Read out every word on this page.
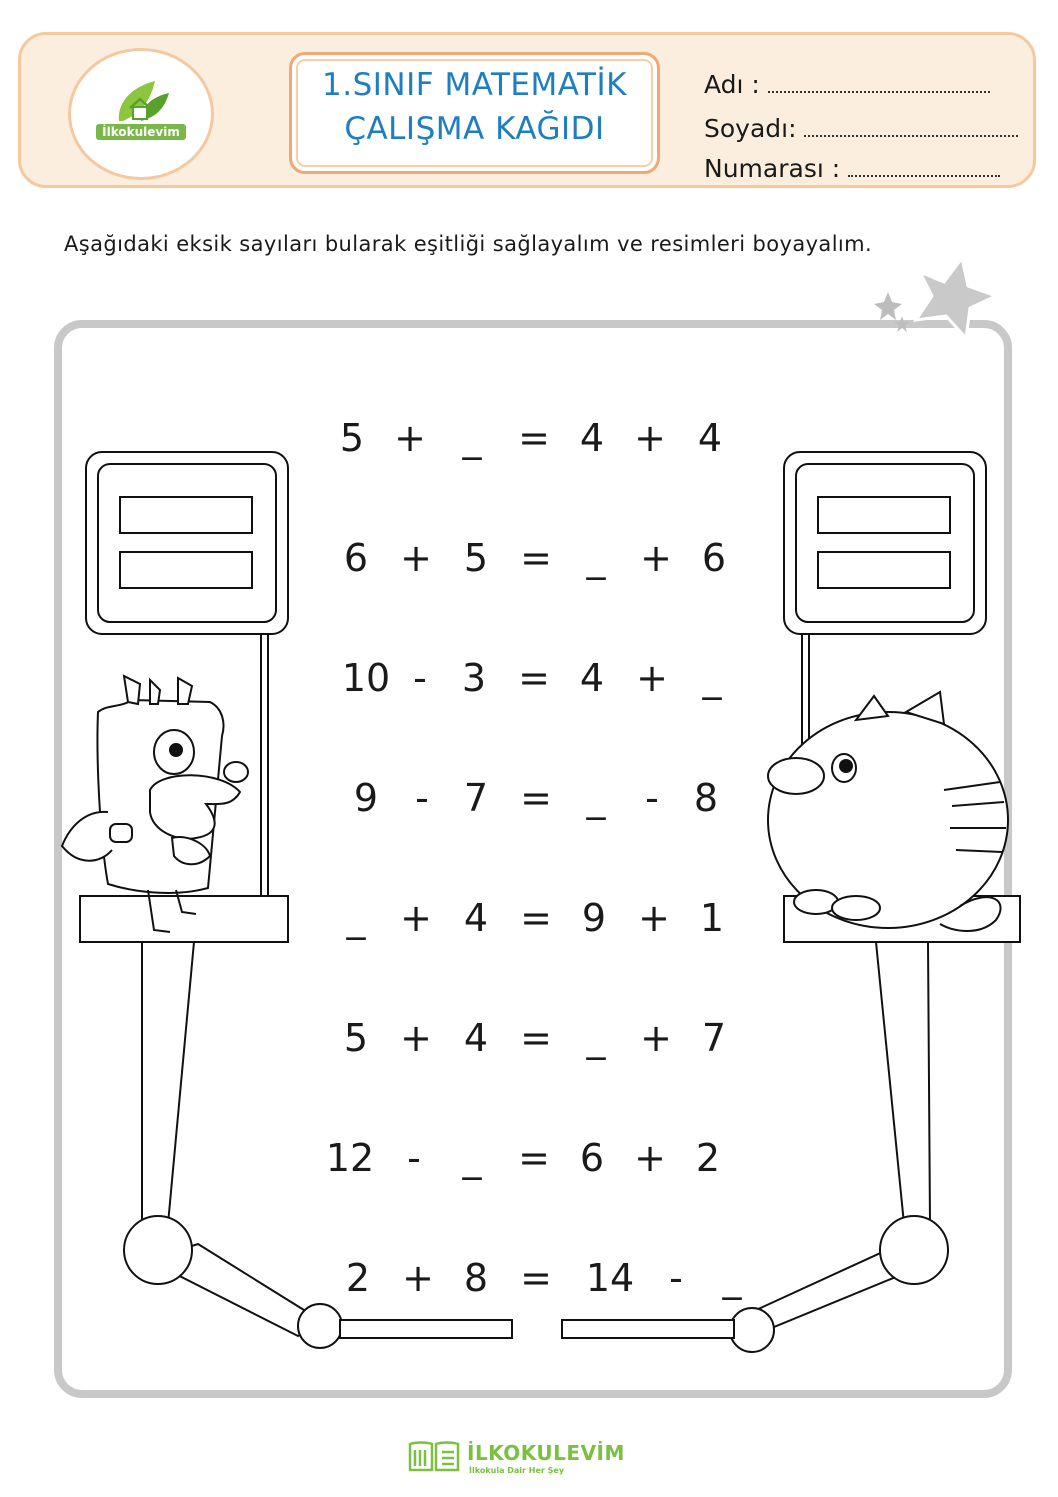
İlkokulevim
1.SINIF MATEMATİK
ÇALIŞMA KAĞIDI
Adı :
Soyadı:
Numarası :
Aşağıdaki eksik sayıları bularak eşitliği sağlayalım ve resimleri boyayalım.
5 + _ = 4 + 4
6 + 5 = _ + 6
10 - 3 = 4 + _
9 - 7 = _	- 8
_ + 4 = 9 + 1
5 + 4 = _ + 7
12 -	_ = 6 + 2
2 + 8 = 14 -	_
İLKOKULEVİM
İlkokula Dair Her Şey
